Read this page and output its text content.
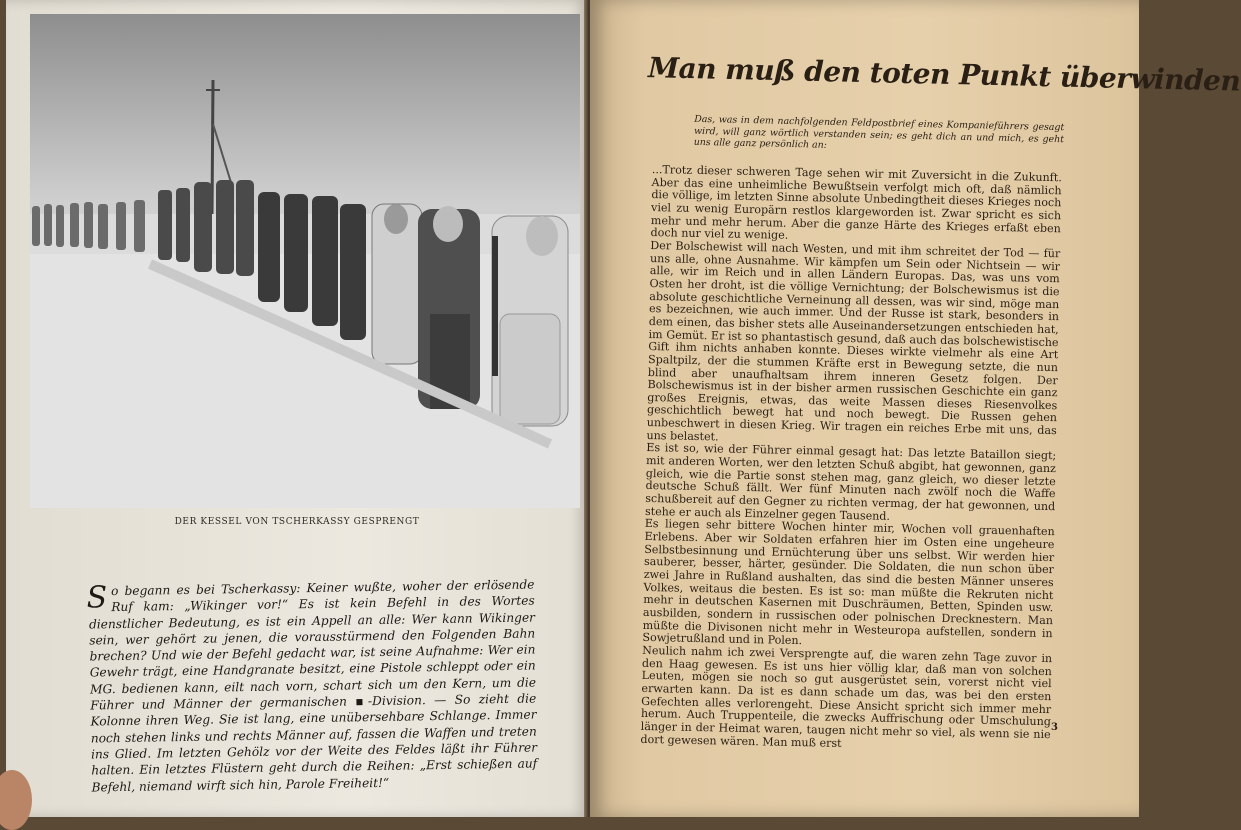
DER KESSEL VON TSCHERKASSY GESPRENGT
So begann es bei Tscherkassy: Keiner wußte, woher der erlösende Ruf kam: „Wikinger vor!“ Es ist kein Befehl in des Wortes dienstlicher Bedeutung, es ist ein Appell an alle: Wer kann Wikinger sein, wer gehört zu jenen, die vorausstürmend den Folgenden Bahn brechen? Und wie der Befehl gedacht war, ist seine Aufnahme: Wer ein Gewehr trägt, eine Handgranate besitzt, eine Pistole schleppt oder ein MG. bedienen kann, eilt nach vorn, schart sich um den Kern, um die Führer und Männer der germanischen ▪-Division. — So zieht die Kolonne ihren Weg. Sie ist lang, eine unübersehbare Schlange. Immer noch stehen links und rechts Männer auf, fassen die Waffen und treten ins Glied. Im letzten Gehölz vor der Weite des Feldes läßt ihr Führer halten. Ein letztes Flüstern geht durch die Reihen: „Erst schießen auf Befehl, niemand wirft sich hin, Parole Freiheit!“
Man muß den toten Punkt überwinden
Das, was in dem nachfolgenden Feldpostbrief eines Kompanieführers gesagt wird, will ganz wörtlich verstanden sein; es geht dich an und mich, es geht uns alle ganz persönlich an:

...Trotz dieser schweren Tage sehen wir mit Zuversicht in die Zukunft. Aber das eine unheimliche Bewußtsein verfolgt mich oft, daß nämlich die völlige, im letzten Sinne absolute Unbedingtheit dieses Krieges noch viel zu wenig Europärn restlos klargeworden ist. Zwar spricht es sich mehr und mehr herum. Aber die ganze Härte des Krieges erfaßt eben doch nur viel zu wenige.

Der Bolschewist will nach Westen, und mit ihm schreitet der Tod — für uns alle, ohne Ausnahme. Wir kämpfen um Sein oder Nichtsein — wir alle, wir im Reich und in allen Ländern Europas. Das, was uns vom Osten her droht, ist die völlige Vernichtung; der Bolschewismus ist die absolute geschichtliche Verneinung all dessen, was wir sind, möge man es bezeichnen, wie auch immer. Und der Russe ist stark, besonders in dem einen, das bisher stets alle Auseinandersetzungen entschieden hat, im Gemüt. Er ist so phantastisch gesund, daß auch das bolschewistische Gift ihm nichts anhaben konnte. Dieses wirkte vielmehr als eine Art Spaltpilz, der die stummen Kräfte erst in Bewegung setzte, die nun blind aber unaufhaltsam ihrem inneren Gesetz folgen. Der Bolschewismus ist in der bisher armen russischen Geschichte ein ganz großes Ereignis, etwas, das weite Massen dieses Riesenvolkes geschichtlich bewegt hat und noch bewegt. Die Russen gehen unbeschwert in diesen Krieg. Wir tragen ein reiches Erbe mit uns, das uns belastet.

Es ist so, wie der Führer einmal gesagt hat: Das letzte Bataillon siegt; mit anderen Worten, wer den letzten Schuß abgibt, hat gewonnen, ganz gleich, wie die Partie sonst stehen mag, ganz gleich, wo dieser letzte deutsche Schuß fällt. Wer fünf Minuten nach zwölf noch die Waffe schußbereit auf den Gegner zu richten vermag, der hat gewonnen, und stehe er auch als Einzelner gegen Tausend.

Es liegen sehr bittere Wochen hinter mir, Wochen voll grauenhaften Erlebens. Aber wir Soldaten erfahren hier im Osten eine ungeheure Selbstbesinnung und Ernüchterung über uns selbst. Wir werden hier sauberer, besser, härter, gesünder. Die Soldaten, die nun schon über zwei Jahre in Rußland aushalten, das sind die besten Männer unseres Volkes, weitaus die besten. Es ist so: man müßte die Rekruten nicht mehr in deutschen Kasernen mit Duschräumen, Betten, Spinden usw. ausbilden, sondern in russischen oder polnischen Drecknestern. Man müßte die Divisonen nicht mehr in Westeuropa aufstellen, sondern in Sowjetrußland und in Polen.

Neulich nahm ich zwei Versprengte auf, die waren zehn Tage zuvor in den Haag gewesen. Es ist uns hier völlig klar, daß man von solchen Leuten, mögen sie noch so gut ausgerüstet sein, vorerst nicht viel erwarten kann. Da ist es dann schade um das, was bei den ersten Gefechten alles verlorengeht. Diese Ansicht spricht sich immer mehr herum. Auch Truppenteile, die zwecks Auffrischung oder Umschulung länger in der Heimat waren, taugen nicht mehr so viel, als wenn sie nie dort gewesen wären. Man muß erst

3
